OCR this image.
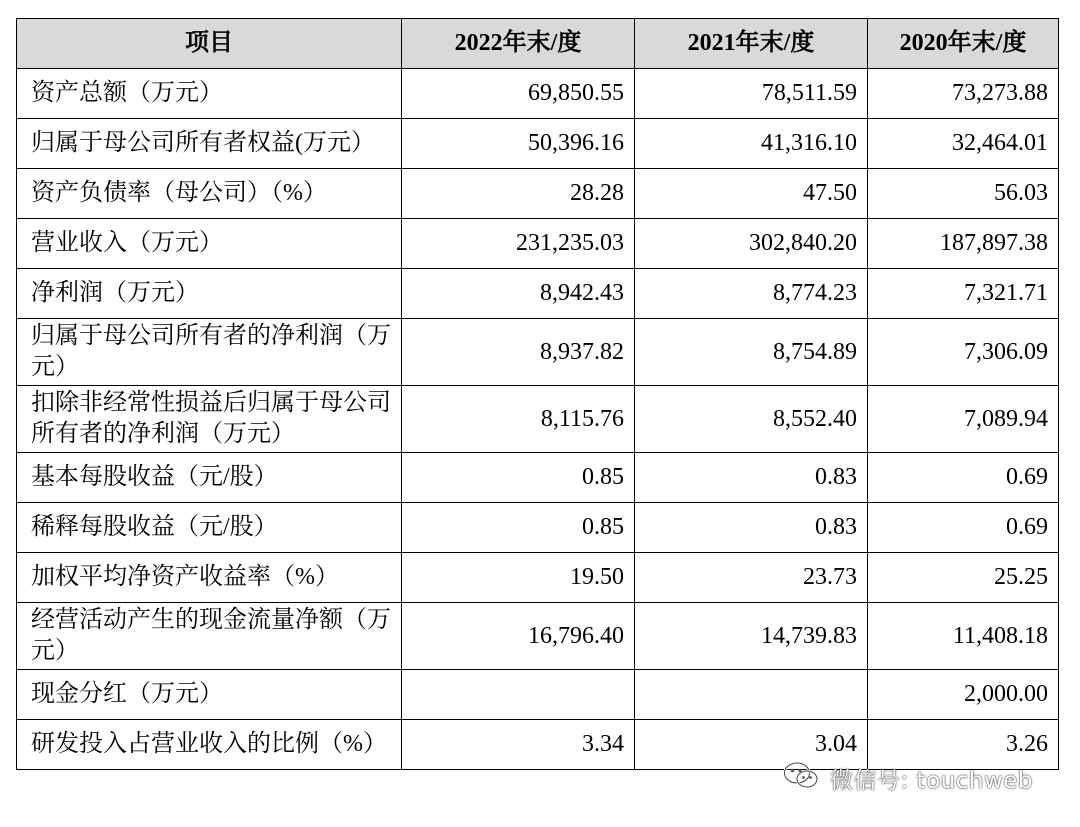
项目	2022年末/度	2021年末/度	2020年末/度
资产总额（万元）	69,850.55	78,511.59	73,273.88
归属于母公司所有者权益(万元）	50,396.16	41,316.10	32,464.01
资产负债率（母公司）（%）	28.28	47.50	56.03
营业收入（万元）	231,235.03	302,840.20	187,897.38
净利润（万元）	8,942.43	8,774.23	7,321.71
归属于母公司所有者的净利润（万元）	8,937.82	8,754.89	7,306.09
扣除非经常性损益后归属于母公司所有者的净利润（万元）	8,115.76	8,552.40	7,089.94
基本每股收益（元/股）	0.85	0.83	0.69
稀释每股收益（元/股）	0.85	0.83	0.69
加权平均净资产收益率（%）	19.50	23.73	25.25
经营活动产生的现金流量净额（万元）	16,796.40	14,739.83	11,408.18
现金分红（万元）			2,000.00
研发投入占营业收入的比例（%）	3.34	3.04	3.26
微信号: touchweb
